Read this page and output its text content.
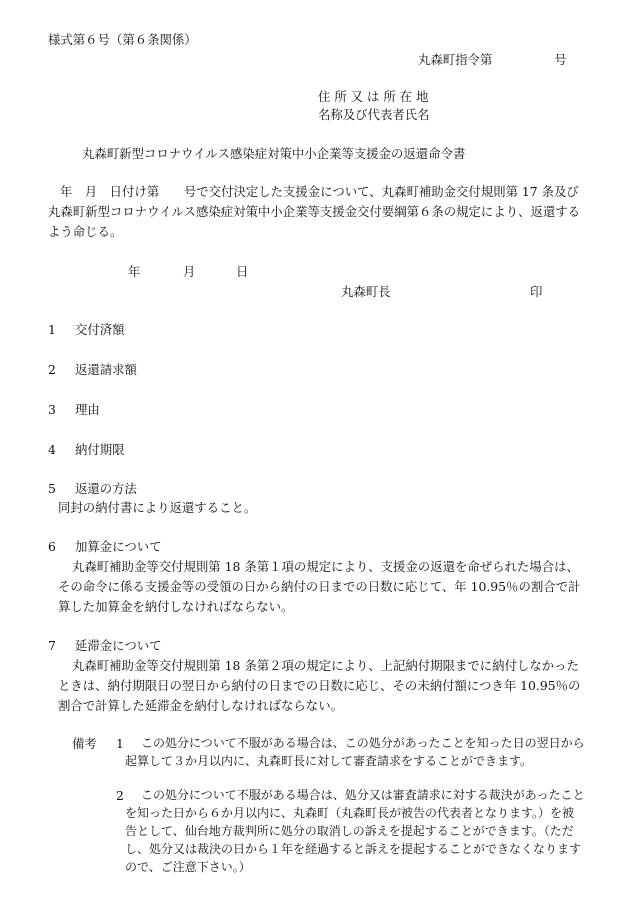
様式第６号（第６条関係）
丸森町指令第　　　　　号
住 所 又 は 所 在 地
名称及び代表者氏名
丸森町新型コロナウイルス感染症対策中小企業等支援金の返還命令書
年　月　日付け第　　号で交付決定した支援金について、丸森町補助金交付規則第 17 条及び丸森町新型コロナウイルス感染症対策中小企業等支援金交付要綱第６条の規定により、返還するよう命じる。
年	月	日
丸森町長	印
1 交付済額
2 返還請求額
3 理由
4 納付期限
5 返還の方法
同封の納付書により返還すること。
6 加算金について
丸森町補助金等交付規則第 18 条第１項の規定により、支援金の返還を命ぜられた場合は、その命令に係る支援金等の受領の日から納付の日までの日数に応じて、年 10.95％の割合で計算した加算金を納付しなければならない。
7 延滞金について
丸森町補助金等交付規則第 18 条第２項の規定により、上記納付期限までに納付しなかったときは、納付期限日の翌日から納付の日までの日数に応じ、その未納付額につき年 10.95％の割合で計算した延滞金を納付しなければならない。
備考 1	この処分について不服がある場合は、この処分があったことを知った日の翌日から起算して３か月以内に、丸森町長に対して審査請求をすることができます。
2	この処分について不服がある場合は、処分又は審査請求に対する裁決があったことを知った日から６か月以内に、丸森町（丸森町長が被告の代表者となります。）を被告として、仙台地方裁判所に処分の取消しの訴えを提起することができます。（ただし、処分又は裁決の日から１年を経過すると訴えを提起することができなくなりますので、ご注意下さい。）
